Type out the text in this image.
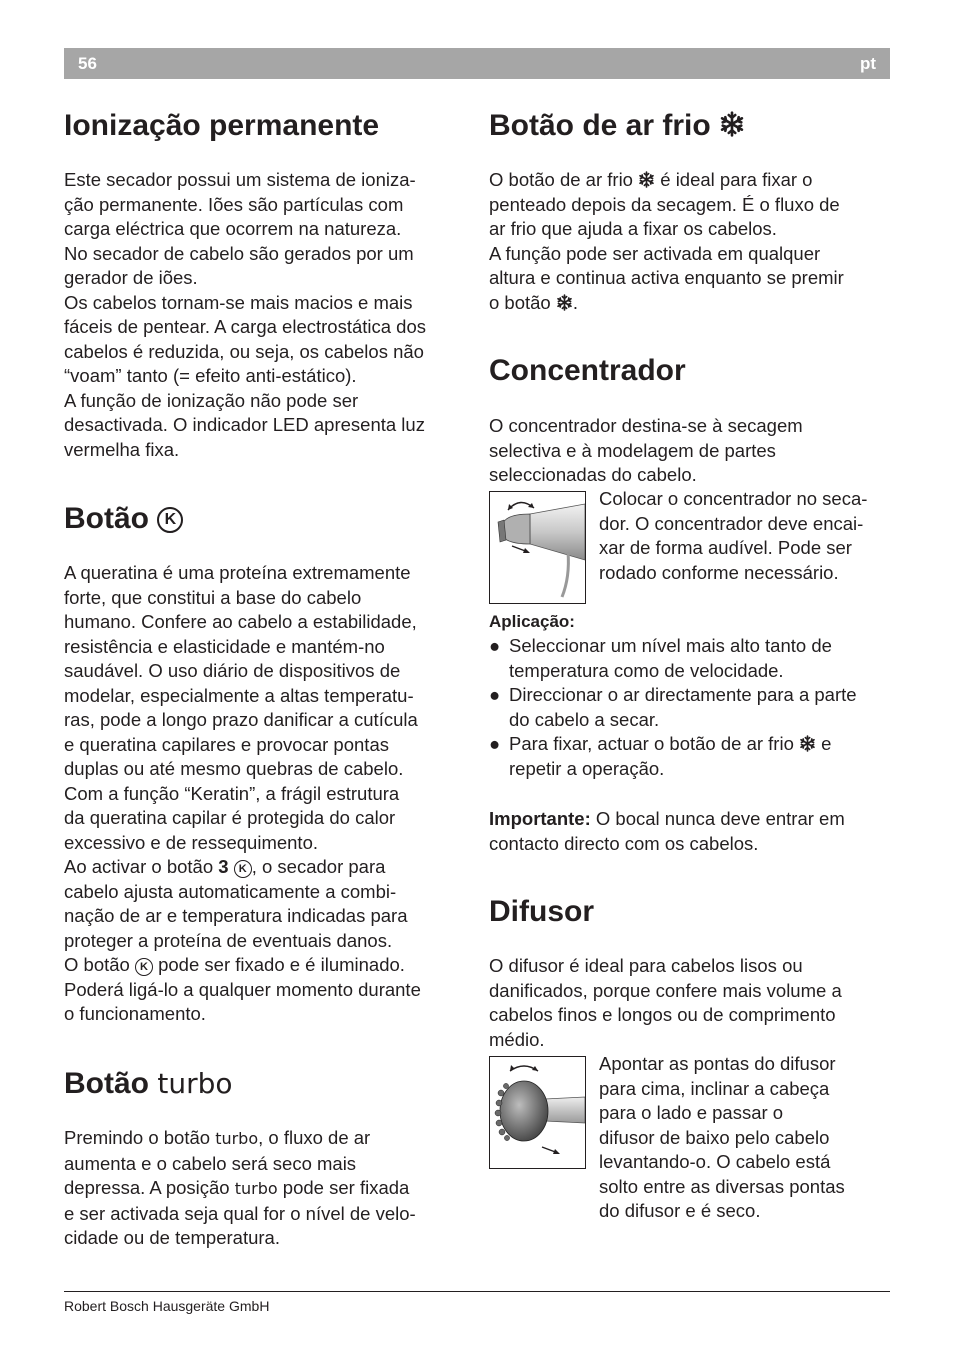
56	pt
Ionização permanente

Este secador possui um sistema de ioniza-
ção permanente. Iões são partículas com
carga eléctrica que ocorrem na natureza.
No secador de cabelo são gerados por um
gerador de iões.
Os cabelos tornam-se mais macios e mais
fáceis de pentear. A carga electrostática dos
cabelos é reduzida, ou seja, os cabelos não
“voam” tanto (= efeito anti-estático).
A função de ionização não pode ser
desactivada. O indicador LED apresenta luz
vermelha fixa.

Botão K

A queratina é uma proteína extremamente
forte, que constitui a base do cabelo
humano. Confere ao cabelo a estabilidade,
resistência e elasticidade e mantém-no
saudável. O uso diário de dispositivos de
modelar, especialmente a altas temperatu-
ras, pode a longo prazo danificar a cutícula
e queratina capilares e provocar pontas
duplas ou até mesmo quebras de cabelo.
Com a função “Keratin”, a frágil estrutura
da queratina capilar é protegida do calor
excessivo e de ressequimento.
Ao activar o botão 3 K , o secador para
cabelo ajusta automaticamente a combi-
nação de ar e temperatura indicadas para
proteger a proteína de eventuais danos.
O botão K pode ser fixado e é iluminado.
Poderá ligá-lo a qualquer momento durante
o funcionamento.

Botão turbo

Premindo o botão turbo, o fluxo de ar
aumenta e o cabelo será seco mais
depressa. A posição turbo pode ser fixada
e ser activada seja qual for o nível de velo-
cidade ou de temperatura.

Botão de ar frio

O botão de ar frio  é ideal para fixar o
penteado depois da secagem. É o fluxo de
ar frio que ajuda a fixar os cabelos.
A função pode ser activada em qualquer
altura e continua activa enquanto se premir
o botão .

Concentrador

O concentrador destina-se à secagem
selectiva e à modelagem de partes
seleccionadas do cabelo.

Colocar o concentrador no seca-
dor. O concentrador deve encai-
xar de forma audível. Pode ser
rodado conforme necessário.

Aplicação:

● Seleccionar um nível mais alto tanto de
temperatura como de velocidade.
● Direccionar o ar directamente para a parte
do cabelo a secar.
● Para fixar, actuar o botão de ar frio  e
repetir a operação.

Importante: O bocal nunca deve entrar em
contacto directo com os cabelos.

Difusor

O difusor é ideal para cabelos lisos ou
danificados, porque confere mais volume a
cabelos finos e longos ou de comprimento
médio.

Apontar as pontas do difusor
para cima, inclinar a cabeça
para o lado e passar o
difusor de baixo pelo cabelo
levantando-o. O cabelo está
solto entre as diversas pontas
do difusor e é seco.

Robert Bosch Hausgeräte GmbH
